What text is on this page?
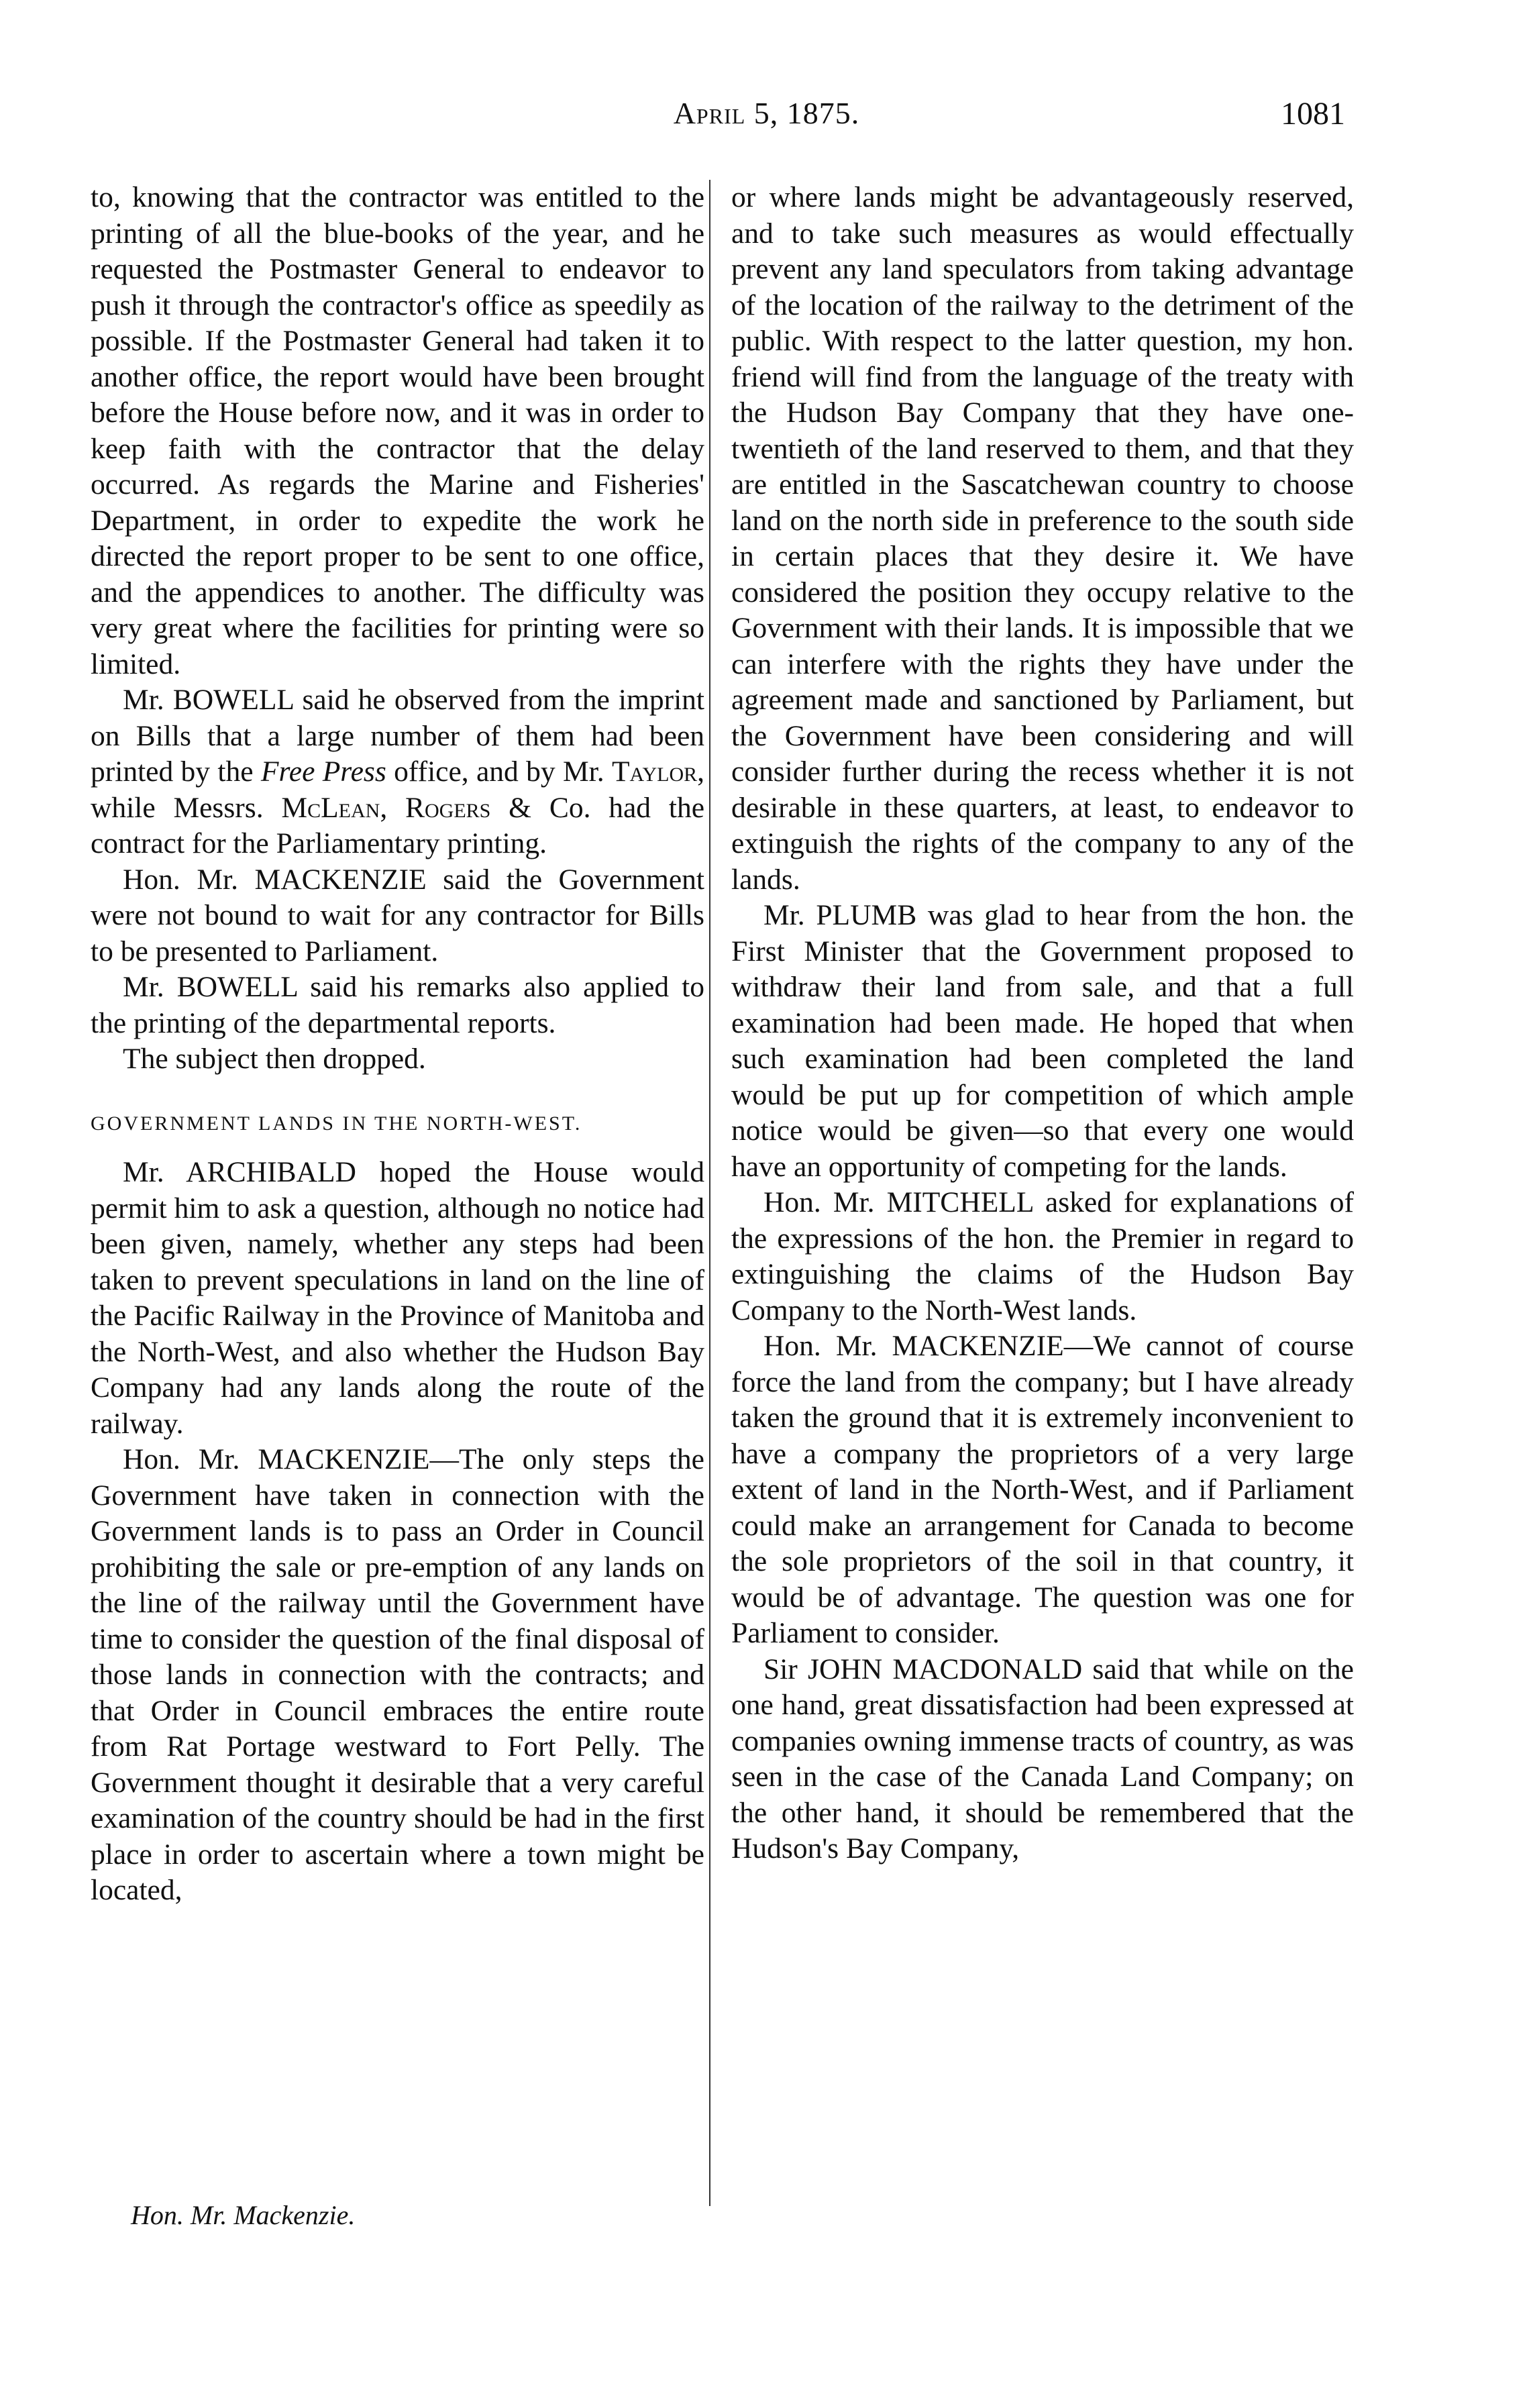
April 5, 1875.	1081

to, knowing that the contractor was entitled to the printing of all the blue-books of the year, and he requested the Postmaster General to endeavor to push it through the contractor's office as speedily as possible. If the Postmaster General had taken it to another office, the report would have been brought before the House before now, and it was in order to keep faith with the contractor that the delay occurred. As regards the Marine and Fisheries' Department, in order to expedite the work he directed the report proper to be sent to one office, and the appendices to another. The difficulty was very great where the facilities for printing were so limited.

Mr. BOWELL said he observed from the imprint on Bills that a large number of them had been printed by the Free Press office, and by Mr. Taylor, while Messrs. McLean, Rogers & Co. had the contract for the Parliamentary printing.

Hon. Mr. MACKENZIE said the Government were not bound to wait for any contractor for Bills to be presented to Parliament.

Mr. BOWELL said his remarks also applied to the printing of the departmental reports.

The subject then dropped.

GOVERNMENT LANDS IN THE NORTH-WEST.

Mr. ARCHIBALD hoped the House would permit him to ask a question, although no notice had been given, namely, whether any steps had been taken to prevent speculations in land on the line of the Pacific Railway in the Province of Manitoba and the North-West, and also whether the Hudson Bay Company had any lands along the route of the railway.

Hon. Mr. MACKENZIE—The only steps the Government have taken in connection with the Government lands is to pass an Order in Council prohibiting the sale or pre-emption of any lands on the line of the railway until the Government have time to consider the question of the final disposal of those lands in connection with the contracts; and that Order in Council embraces the entire route from Rat Portage westward to Fort Pelly. The Government thought it desirable that a very careful examination of the country should be had in the first place in order to ascertain where a town might be located,

or where lands might be advantageously reserved, and to take such measures as would effectually prevent any land speculators from taking advantage of the location of the railway to the detriment of the public. With respect to the latter question, my hon. friend will find from the language of the treaty with the Hudson Bay Company that they have one-twentieth of the land reserved to them, and that they are entitled in the Sascatchewan country to choose land on the north side in preference to the south side in certain places that they desire it. We have considered the position they occupy relative to the Government with their lands. It is impossible that we can interfere with the rights they have under the agreement made and sanctioned by Parliament, but the Government have been considering and will consider further during the recess whether it is not desirable in these quarters, at least, to endeavor to extinguish the rights of the company to any of the lands.

Mr. PLUMB was glad to hear from the hon. the First Minister that the Government proposed to withdraw their land from sale, and that a full examination had been made. He hoped that when such examination had been completed the land would be put up for competition of which ample notice would be given—so that every one would have an opportunity of competing for the lands.

Hon. Mr. MITCHELL asked for explanations of the expressions of the hon. the Premier in regard to extinguishing the claims of the Hudson Bay Company to the North-West lands.

Hon. Mr. MACKENZIE—We cannot of course force the land from the company; but I have already taken the ground that it is extremely inconvenient to have a company the proprietors of a very large extent of land in the North-West, and if Parliament could make an arrangement for Canada to become the sole proprietors of the soil in that country, it would be of advantage. The question was one for Parliament to consider.

Sir JOHN MACDONALD said that while on the one hand, great dissatisfaction had been expressed at companies owning immense tracts of country, as was seen in the case of the Canada Land Company; on the other hand, it should be remembered that the Hudson's Bay Company,

Hon. Mr. Mackenzie.
